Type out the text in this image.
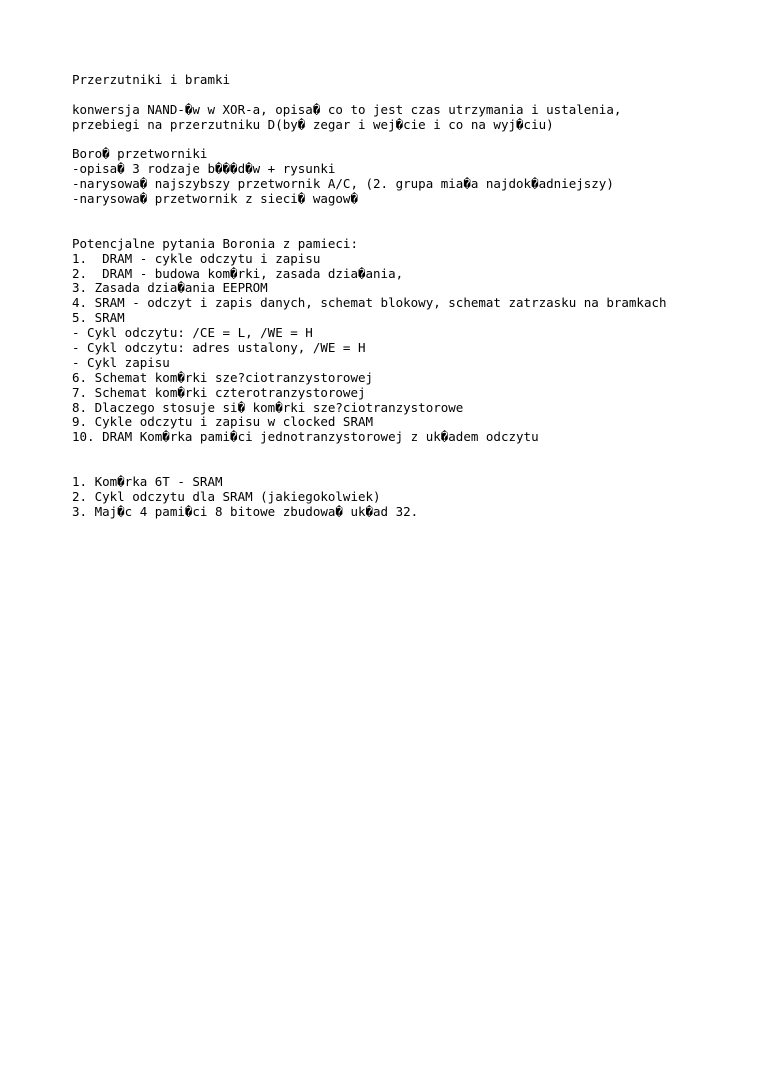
Przerzutniki i bramki
konwersja NAND-�w w XOR-a, opisa� co to jest czas utrzymania i ustalenia,
przebiegi na przerzutniku D(by� zegar i wej�cie i co na wyj�ciu)
Boro� przetworniki
-opisa� 3 rodzaje b���d�w + rysunki
-narysowa� najszybszy przetwornik A/C, (2. grupa mia�a najdok�adniejszy)
-narysowa� przetwornik z sieci� wagow�
Potencjalne pytania Boronia z pamieci:
1.  DRAM - cykle odczytu i zapisu
2.  DRAM - budowa kom�rki, zasada dzia�ania,
3. Zasada dzia�ania EEPROM
4. SRAM - odczyt i zapis danych, schemat blokowy, schemat zatrzasku na bramkach
5. SRAM
- Cykl odczytu: /CE = L, /WE = H
- Cykl odczytu: adres ustalony, /WE = H
- Cykl zapisu
6. Schemat kom�rki sze?ciotranzystorowej
7. Schemat kom�rki czterotranzystorowej
8. Dlaczego stosuje si� kom�rki sze?ciotranzystorowe
9. Cykle odczytu i zapisu w clocked SRAM
10. DRAM Kom�rka pami�ci jednotranzystorowej z uk�adem odczytu
1. Kom�rka 6T - SRAM
2. Cykl odczytu dla SRAM (jakiegokolwiek)
3. Maj�c 4 pami�ci 8 bitowe zbudowa� uk�ad 32.
